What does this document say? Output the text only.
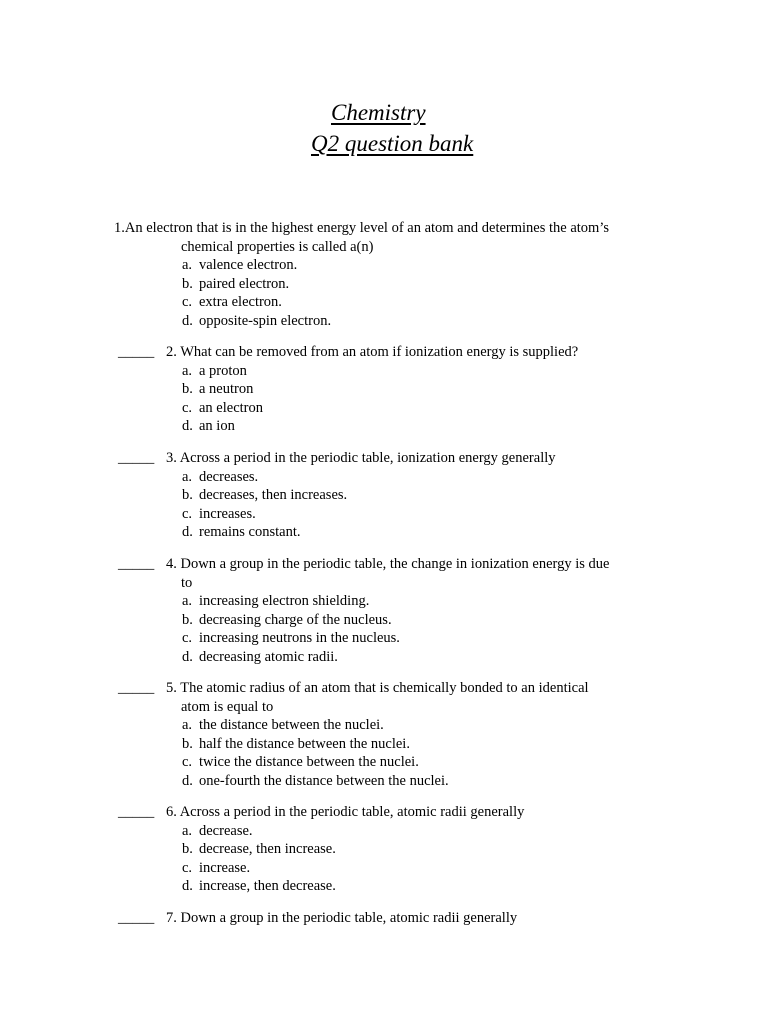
Chemistry
Q2 question bank
1.An electron that is in the highest energy level of an atom and determines the atom’s
chemical properties is called a(n)
a. valence electron.
b. paired electron.
c. extra electron.
d. opposite-spin electron.
_____ 2. What can be removed from an atom if ionization energy is supplied?
a. a proton
b. a neutron
c. an electron
d. an ion
_____ 3. Across a period in the periodic table, ionization energy generally
a. decreases.
b. decreases, then increases.
c. increases.
d. remains constant.
_____ 4. Down a group in the periodic table, the change in ionization energy is due
to
a. increasing electron shielding.
b. decreasing charge of the nucleus.
c. increasing neutrons in the nucleus.
d. decreasing atomic radii.
_____ 5. The atomic radius of an atom that is chemically bonded to an identical
atom is equal to
a. the distance between the nuclei.
b. half the distance between the nuclei.
c. twice the distance between the nuclei.
d. one-fourth the distance between the nuclei.
_____ 6. Across a period in the periodic table, atomic radii generally
a. decrease.
b. decrease, then increase.
c. increase.
d. increase, then decrease.
_____ 7. Down a group in the periodic table, atomic radii generally
